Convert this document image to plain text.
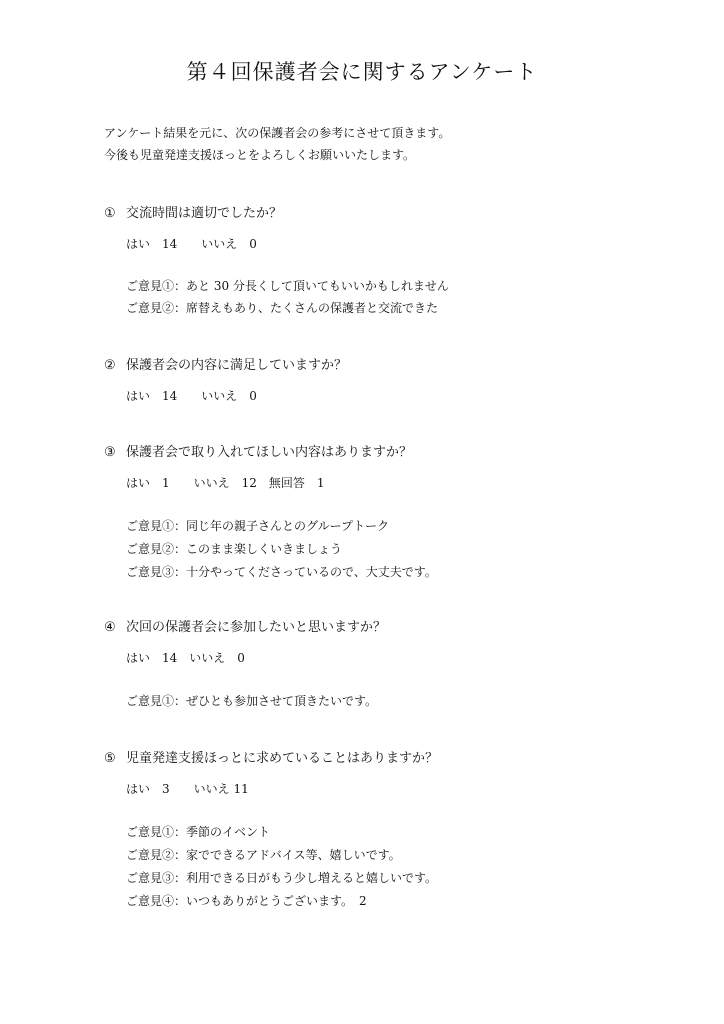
第４回保護者会に関するアンケート
アンケート結果を元に、次の保護者会の参考にさせて頂きます。
今後も児童発達支援ほっとをよろしくお願いいたします。
① 交流時間は適切でしたか？
はい　14　　いいえ　0
ご意見①：あと 30 分長くして頂いてもいいかもしれません
ご意見②：席替えもあり、たくさんの保護者と交流できた
② 保護者会の内容に満足していますか？
はい　14　　いいえ　0
③ 保護者会で取り入れてほしい内容はありますか？
はい　1　　いいえ　12　無回答　1
ご意見①：同じ年の親子さんとのグループトーク
ご意見②：このまま楽しくいきましょう
ご意見③：十分やってくださっているので、大丈夫です。
④ 次回の保護者会に参加したいと思いますか？
はい　14　いいえ　0
ご意見①：ぜひとも参加させて頂きたいです。
⑤ 児童発達支援ほっとに求めていることはありますか？
はい　3　　いいえ 11
ご意見①：季節のイベント
ご意見②：家でできるアドバイス等、嬉しいです。
ご意見③：利用できる日がもう少し増えると嬉しいです。
ご意見④：いつもありがとうございます。　2
